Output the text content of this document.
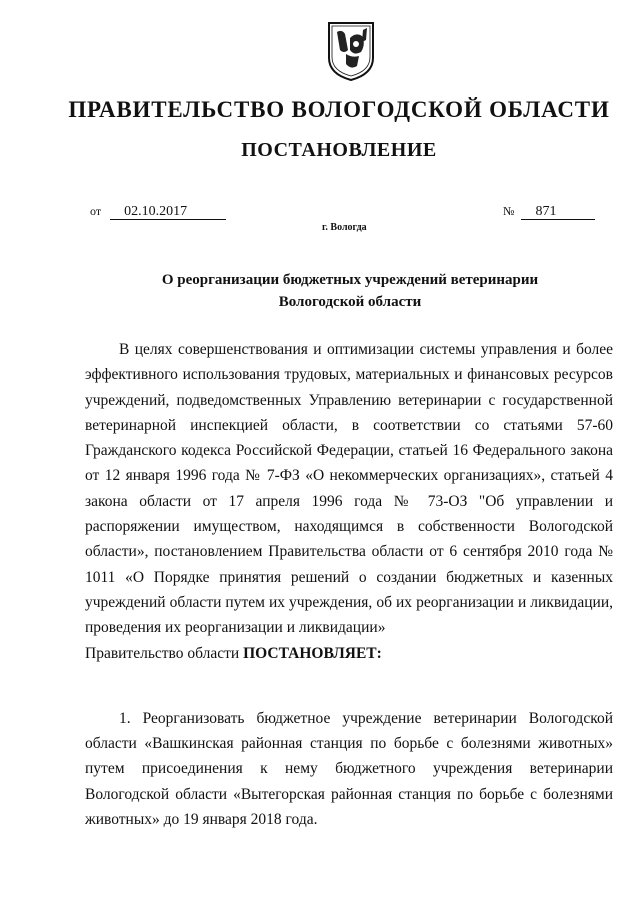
ПРАВИТЕЛЬСТВО ВОЛОГОДСКОЙ ОБЛАСТИ
ПОСТАНОВЛЕНИЕ
от 02.10.2017	№ 871
г. Вологда
О реорганизации бюджетных учреждений ветеринарии
Вологодской области

В целях совершенствования и оптимизации системы управления и более эффективного использования трудовых, материальных и финансовых ресурсов учреждений, подведомственных Управлению ветеринарии с государственной ветеринарной инспекцией области, в соответствии со статьями 57-60 Гражданского кодекса Российской Федерации, статьей 16 Федерального закона от 12 января 1996 года № 7-ФЗ «О некоммерческих организациях», статьей 4 закона области от 17 апреля 1996 года № 73-ОЗ "Об управлении и распоряжении имуществом, находящимся в собственности Вологодской области», постановлением Правительства области от 6 сентября 2010 года № 1011 «О Порядке принятия решений о создании бюджетных и казенных учреждений области путем их учреждения, об их реорганизации и ликвидации, проведения их реорганизации и ликвидации»

Правительство области ПОСТАНОВЛЯЕТ:

1. Реорганизовать бюджетное учреждение ветеринарии Вологодской области «Вашкинская районная станция по борьбе с болезнями животных» путем присоединения к нему бюджетного учреждения ветеринарии Вологодской области «Вытегорская районная станция по борьбе с болезнями животных» до 19 января 2018 года.
